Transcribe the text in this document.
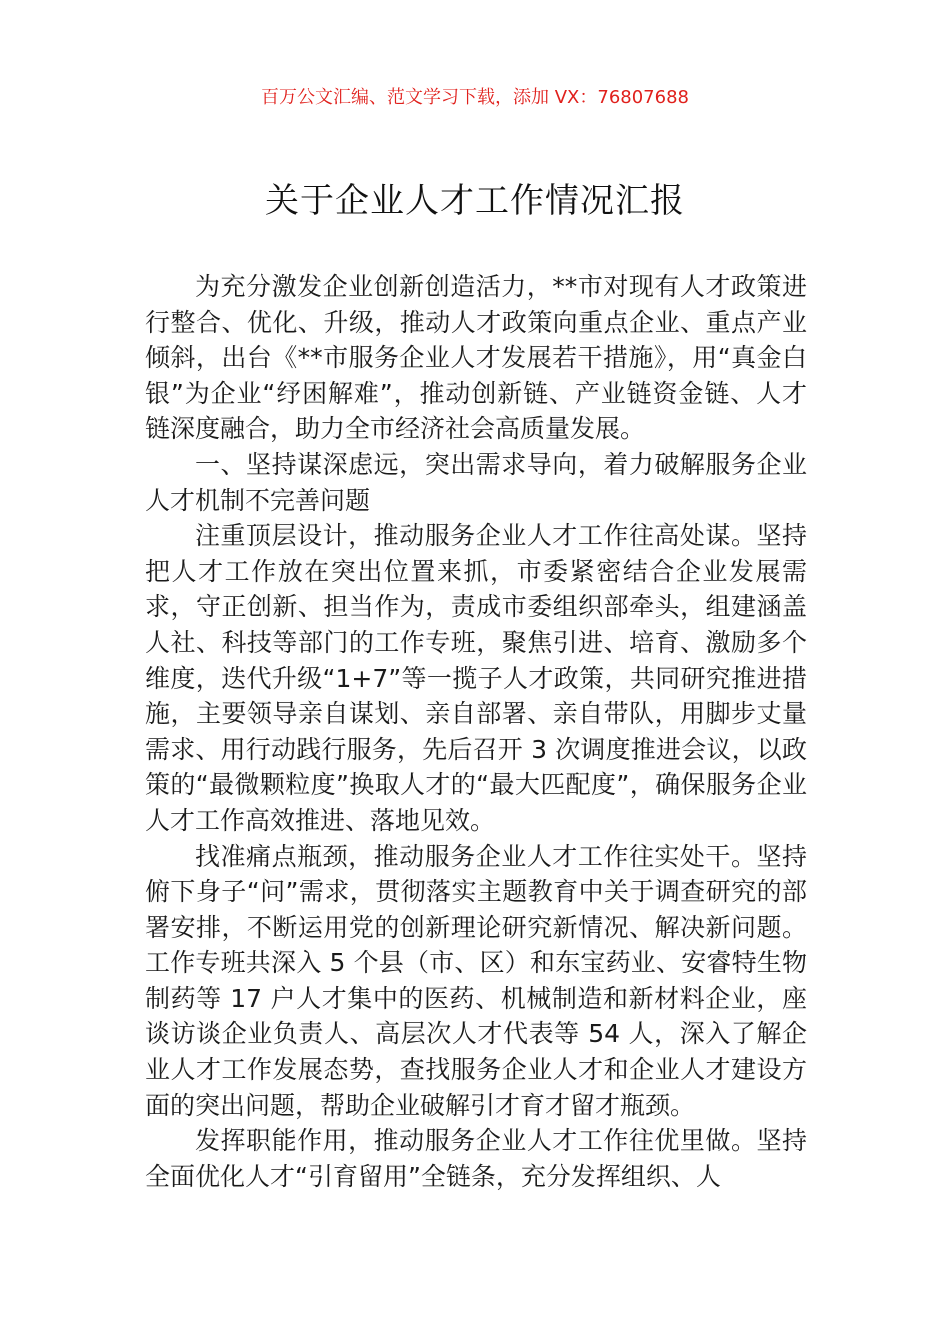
百万公文汇编、范文学习下载，添加 VX：76807688
关于企业人才工作情况汇报

为充分激发企业创新创造活力，**市对现有人才政策进行整合、优化、升级，推动人才政策向重点企业、重点产业倾斜，出台《**市服务企业人才发展若干措施》，用“真金白银”为企业“纾困解难”，推动创新链、产业链资金链、人才链深度融合，助力全市经济社会高质量发展。

一、坚持谋深虑远，突出需求导向，着力破解服务企业人才机制不完善问题

注重顶层设计，推动服务企业人才工作往高处谋。坚持把人才工作放在突出位置来抓，市委紧密结合企业发展需求，守正创新、担当作为，责成市委组织部牵头，组建涵盖人社、科技等部门的工作专班，聚焦引进、培育、激励多个维度，迭代升级“1+7”等一揽子人才政策，共同研究推进措施，主要领导亲自谋划、亲自部署、亲自带队，用脚步丈量需求、用行动践行服务，先后召开 3 次调度推进会议，以政策的“最微颗粒度”换取人才的“最大匹配度”，确保服务企业人才工作高效推进、落地见效。

找准痛点瓶颈，推动服务企业人才工作往实处干。坚持俯下身子“问”需求，贯彻落实主题教育中关于调查研究的部署安排，不断运用党的创新理论研究新情况、解决新问题。工作专班共深入 5 个县（市、区）和东宝药业、安睿特生物制药等 17 户人才集中的医药、机械制造和新材料企业，座谈访谈企业负责人、高层次人才代表等 54 人，深入了解企业人才工作发展态势，查找服务企业人才和企业人才建设方面的突出问题，帮助企业破解引才育才留才瓶颈。

发挥职能作用，推动服务企业人才工作往优里做。坚持全面优化人才“引育留用”全链条，充分发挥组织、人
